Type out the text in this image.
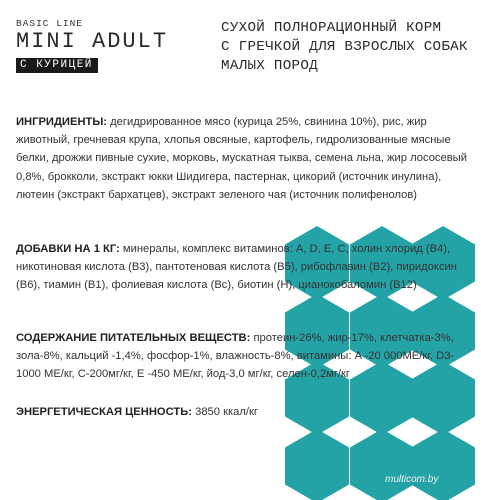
BASIC LINE
MINI ADULT
С КУРИЦЕЙ
СУХОЙ ПОЛНОРАЦИОННЫЙ КОРМ
С ГРЕЧКОЙ ДЛЯ ВЗРОСЛЫХ СОБАК
МАЛЫХ ПОРОД
ИНГРИДИЕНТЫ: дегидрированное мясо (курица 25%, свинина 10%), рис, жир животный, гречневая крупа, хлопья овсяные, картофель, гидролизованные мясные белки, дрожжи пивные сухие, морковь, мускатная тыква, семена льна, жир лососевый 0,8%, брокколи, экстракт юкки Шидигера, пастернак, цикорий (источник инулина), лютеин (экстракт бархатцев), экстракт зеленого чая (источник полифенолов)
ДОБАВКИ НА 1 КГ: минералы, комплекс витаминов: A, D, E, C, холин хлорид (B4), никотиновая кислота (B3), пантотеновая кислота (B5), рибофлавин (B2), пиридоксин (B6), тиамин (B1), фолиевая кислота (Bc), биотин (H), цианокобаломин (B12)
СОДЕРЖАНИЕ ПИТАТЕЛЬНЫХ ВЕЩЕСТВ: протеин-26%, жир-17%, клетчатка-3%, зола-8%, кальций -1,4%, фосфор-1%, влажность-8%, витамины: A -20 000МЕ/кг, D3-1000 МЕ/кг, C-200мг/кг, E -450 МЕ/кг, йод-3,0 мг/кг, селен-0,2мг/кг
ЭНЕРГЕТИЧЕСКАЯ ЦЕННОСТЬ: 3850 ккал/кг
multicom.by
